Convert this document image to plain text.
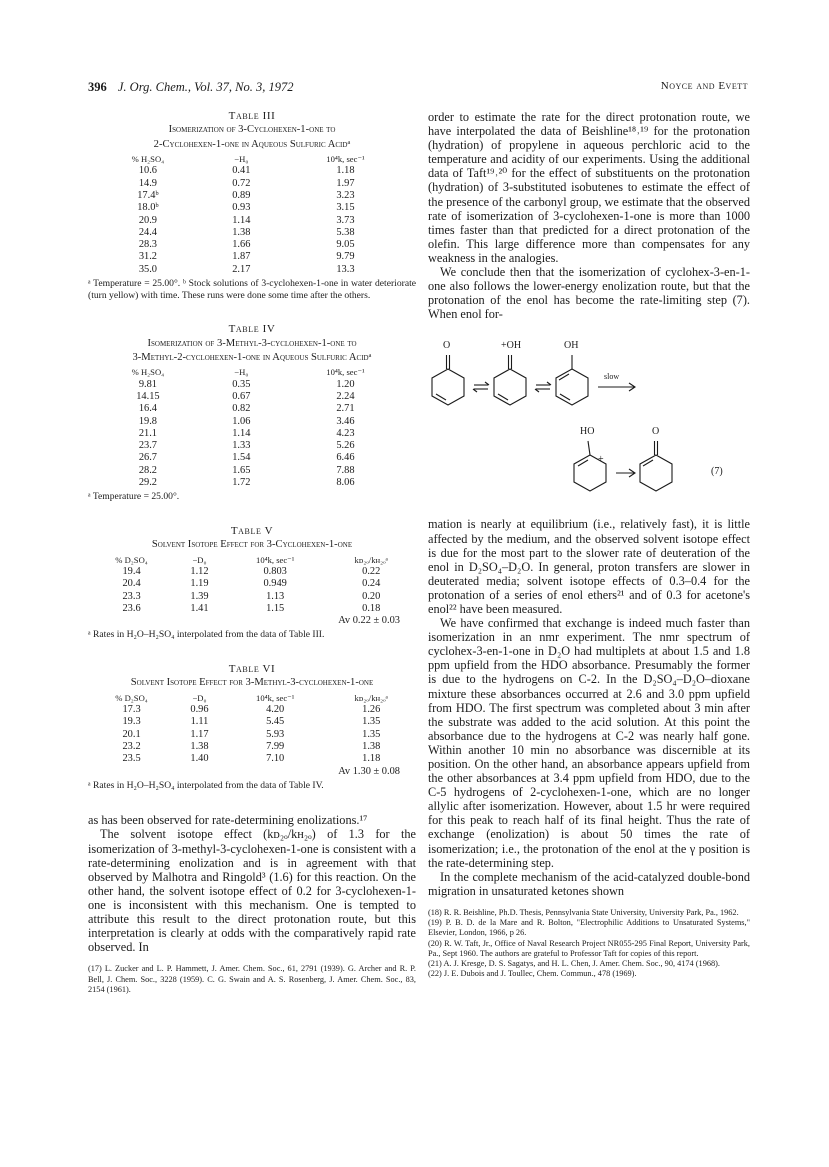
396 J. Org. Chem., Vol. 37, No. 3, 1972	Noyce and Evett
Table III
Isomerization of 3-Cyclohexen-1-one to
2-Cyclohexen-1-one in Aqueous Sulfuric Acidᵃ
% H₂SO₄	−H₀	10⁴k, sec⁻¹
10.6	0.41	1.18
14.9	0.72	1.97
17.4ᵇ	0.89	3.23
18.0ᵇ	0.93	3.15
20.9	1.14	3.73
24.4	1.38	5.38
28.3	1.66	9.05
31.2	1.87	9.79
35.0	2.17	13.3
ᵃ Temperature = 25.00°. ᵇ Stock solutions of 3-cyclohexen-1-one in water deteriorate (turn yellow) with time. These runs were done some time after the others.
Table IV
Isomerization of 3-Methyl-3-cyclohexen-1-one to
3-Methyl-2-cyclohexen-1-one in Aqueous Sulfuric Acidᵃ
% H₂SO₄	−H₀	10⁴k, sec⁻¹
9.81	0.35	1.20
14.15	0.67	2.24
16.4	0.82	2.71
19.8	1.06	3.46
21.1	1.14	4.23
23.7	1.33	5.26
26.7	1.54	6.46
28.2	1.65	7.88
29.2	1.72	8.06
ᵃ Temperature = 25.00°.
Table V
Solvent Isotope Effect for 3-Cyclohexen-1-one
% D₂SO₄	−D₀	10⁴k, sec⁻¹	kᴅ₂ₒ/kʜ₂ₒᵃ
19.4	1.12	0.803	0.22
20.4	1.19	0.949	0.24
23.3	1.39	1.13	0.20
23.6	1.41	1.15	0.18
Av 0.22 ± 0.03			
ᵃ Rates in H₂O–H₂SO₄ interpolated from the data of Table III.
Table VI
Solvent Isotope Effect for 3-Methyl-3-cyclohexen-1-one
% D₂SO₄	−D₀	10⁴k, sec⁻¹	kᴅ₂ₒ/kʜ₂ₒᵃ
17.3	0.96	4.20	1.26
19.3	1.11	5.45	1.35
20.1	1.17	5.93	1.35
23.2	1.38	7.99	1.38
23.5	1.40	7.10	1.18
Av 1.30 ± 0.08			
ᵃ Rates in H₂O–H₂SO₄ interpolated from the data of Table IV.

as has been observed for rate-determining enolizations.¹⁷

The solvent isotope effect (kᴅ₂ₒ/kʜ₂ₒ) of 1.3 for the isomerization of 3-methyl-3-cyclohexen-1-one is consistent with a rate-determining enolization and is in agreement with that observed by Malhotra and Ringold³ (1.6) for this reaction. On the other hand, the solvent isotope effect of 0.2 for 3-cyclohexen-1-one is inconsistent with this mechanism. One is tempted to attribute this result to the direct protonation route, but this interpretation is clearly at odds with the comparatively rapid rate observed. In

(17) L. Zucker and L. P. Hammett, J. Amer. Chem. Soc., 61, 2791 (1939). G. Archer and R. P. Bell, J. Chem. Soc., 3228 (1959). C. G. Swain and A. S. Rosenberg, J. Amer. Chem. Soc., 83, 2154 (1961).

order to estimate the rate for the direct protonation route, we have interpolated the data of Beishline¹⁸˒¹⁹ for the protonation (hydration) of propylene in aqueous perchloric acid to the temperature and acidity of our experiments. Using the additional data of Taft¹⁹˒²⁰ for the effect of substituents on the protonation (hydration) of 3-substituted isobutenes to estimate the effect of the presence of the carbonyl group, we estimate that the observed rate of isomerization of 3-cyclohexen-1-one is more than 1000 times faster than that predicted for a direct protonation of the olefin. This large difference more than compensates for any weakness in the analogies.

We conclude then that the isomerization of cyclohex-3-en-1-one also follows the lower-energy enolization route, but that the protonation of the enol has become the rate-limiting step (7). When enol for-

O	+OH	OH
slow
HO
+
O
(7)

mation is nearly at equilibrium (i.e., relatively fast), it is little affected by the medium, and the observed solvent isotope effect is due for the most part to the slower rate of deuteration of the enol in D₂SO₄–D₂O. In general, proton transfers are slower in deuterated media; solvent isotope effects of 0.3–0.4 for the protonation of a series of enol ethers²¹ and of 0.3 for acetone's enol²² have been measured.

We have confirmed that exchange is indeed much faster than isomerization in an nmr experiment. The nmr spectrum of cyclohex-3-en-1-one in D₂O had multiplets at about 1.5 and 1.8 ppm upfield from the HDO absorbance. Presumably the former is due to the hydrogens on C-2. In the D₂SO₄–D₂O–dioxane mixture these absorbances occurred at 2.6 and 3.0 ppm upfield from HDO. The first spectrum was completed about 3 min after the substrate was added to the acid solution. At this point the absorbance due to the hydrogens at C-2 was nearly half gone. Within another 10 min no absorbance was discernible at its position. On the other hand, an absorbance appears upfield from the other absorbances at 3.4 ppm upfield from HDO, due to the C-5 hydrogens of 2-cyclohexen-1-one, which are no longer allylic after isomerization. However, about 1.5 hr were required for this peak to reach half of its final height. Thus the rate of exchange (enolization) is about 50 times the rate of isomerization; i.e., the protonation of the enol at the γ position is the rate-determining step.

In the complete mechanism of the acid-catalyzed double-bond migration in unsaturated ketones shown

(18) R. R. Beishline, Ph.D. Thesis, Pennsylvania State University, University Park, Pa., 1962.
(19) P. B. D. de la Mare and R. Bolton, "Electrophilic Additions to Unsaturated Systems," Elsevier, London, 1966, p 26.
(20) R. W. Taft, Jr., Office of Naval Research Project NR055-295 Final Report, University Park, Pa., Sept 1960. The authors are grateful to Professor Taft for copies of this report.
(21) A. J. Kresge, D. S. Sagatys, and H. L. Chen, J. Amer. Chem. Soc., 90, 4174 (1968).
(22) J. E. Dubois and J. Toullec, Chem. Commun., 478 (1969).
